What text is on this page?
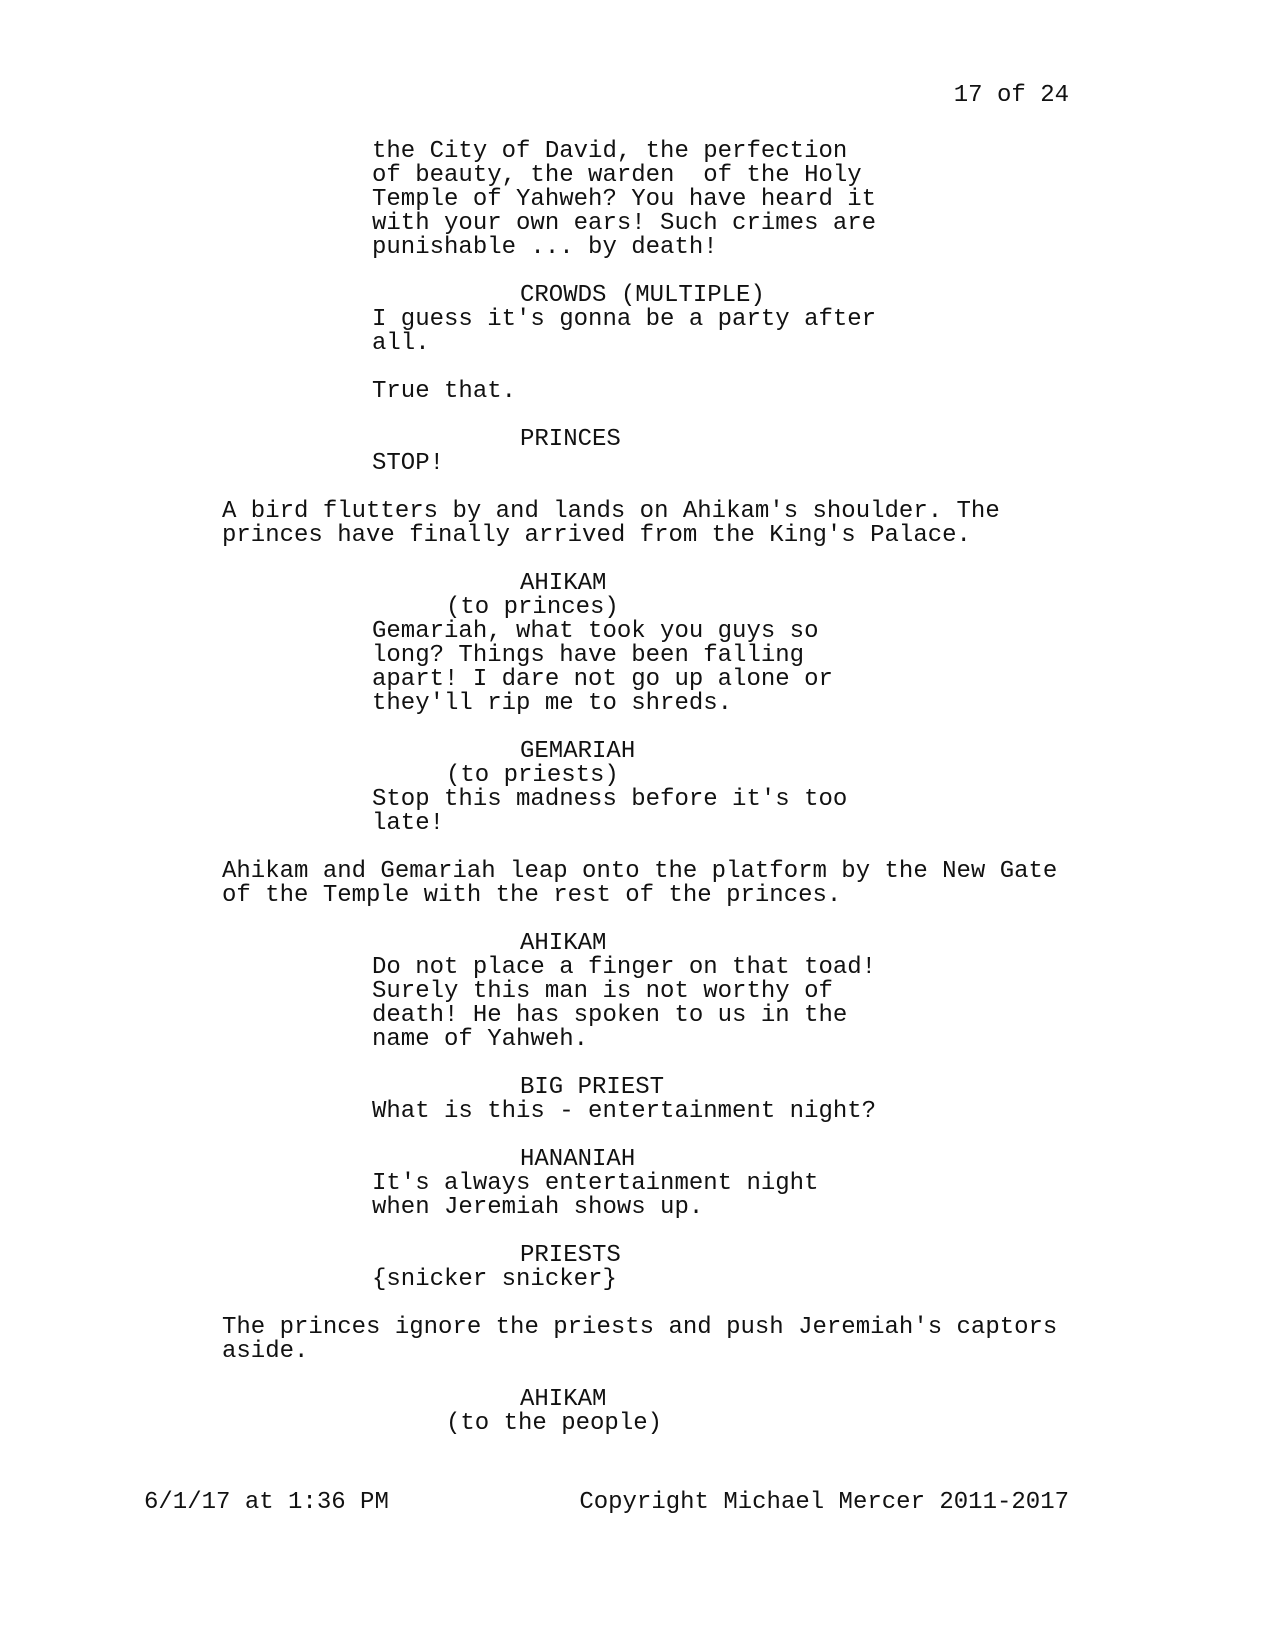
17 of 24

the City of David, the perfection

of beauty, the warden  of the Holy

Temple of Yahweh? You have heard it

with your own ears! Such crimes are

punishable ... by death!

CROWDS (MULTIPLE)

I guess it's gonna be a party after

all.

True that.

PRINCES

STOP!

A bird flutters by and lands on Ahikam's shoulder. The

princes have finally arrived from the King's Palace.

AHIKAM

(to princes)

Gemariah, what took you guys so

long? Things have been falling

apart! I dare not go up alone or

they'll rip me to shreds.

GEMARIAH

(to priests)

Stop this madness before it's too

late!

Ahikam and Gemariah leap onto the platform by the New Gate

of the Temple with the rest of the princes.

AHIKAM

Do not place a finger on that toad!

Surely this man is not worthy of

death! He has spoken to us in the

name of Yahweh.

BIG PRIEST

What is this - entertainment night?

HANANIAH

It's always entertainment night

when Jeremiah shows up.

PRIESTS

{snicker snicker}

The princes ignore the priests and push Jeremiah's captors

aside.

AHIKAM

(to the people)

6/1/17 at 1:36 PM	Copyright Michael Mercer 2011-2017
